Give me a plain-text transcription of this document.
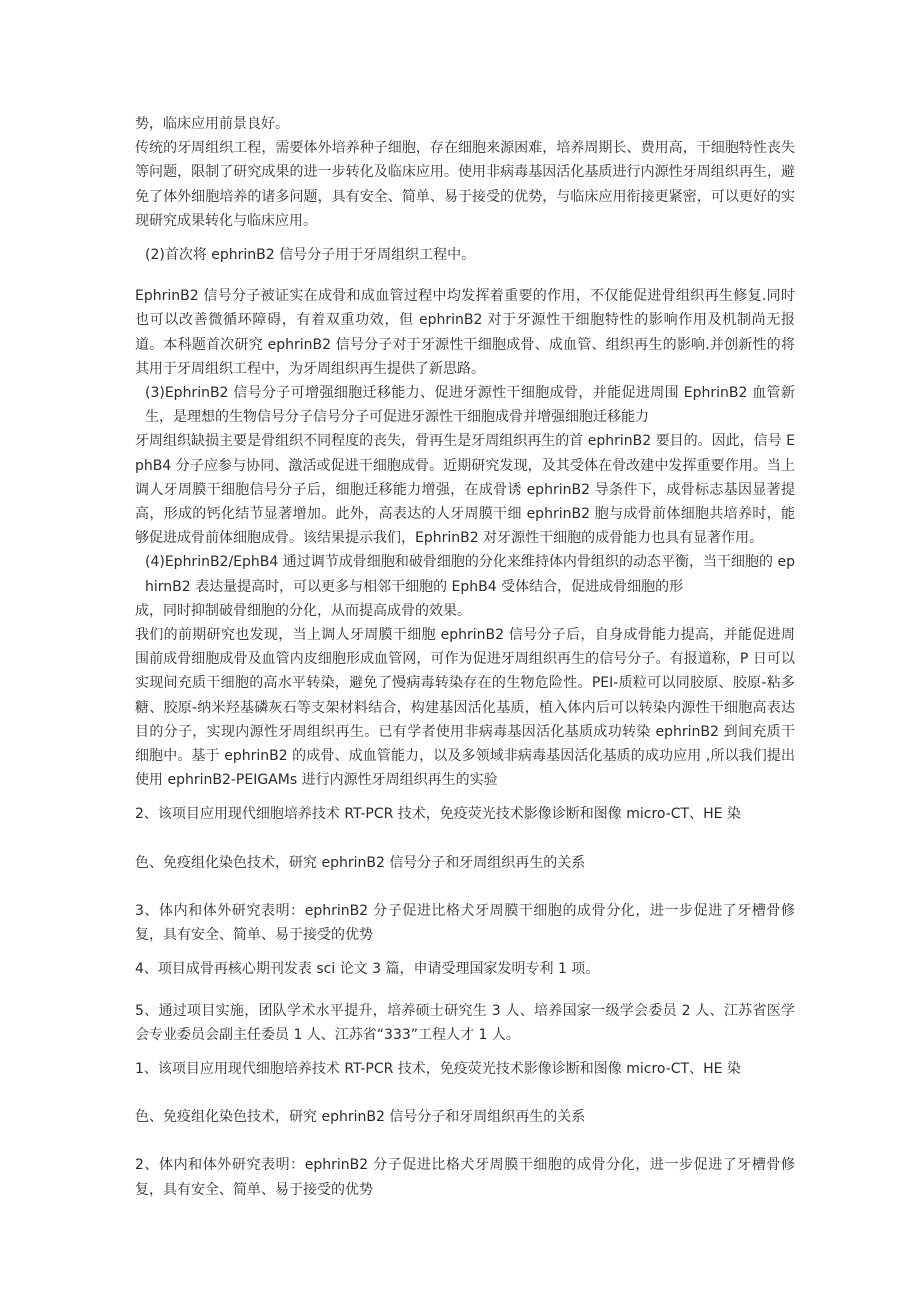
势，临床应用前景良好。

传统的牙周组织工程，需要体外培养种子细胞，存在细胞来源困难，培养周期长、费用高，干细胞特性丧失等问题，限制了研究成果的进一步转化及临床应用。使用非病毒基因活化基质进行内源性牙周组织再生，避免了体外细胞培养的诸多问题，具有安全、简单、易于接受的优势，与临床应用衔接更紧密，可以更好的实现研究成果转化与临床应用。

(2)首次将 ephrinB2 信号分子用于牙周组织工程中。

EphrinB2 信号分子被证实在成骨和成血管过程中均发挥着重要的作用，不仅能促进骨组织再生修复.同时也可以改善微循环障碍，有着双重功效，但 ephrinB2 对于牙源性干细胞特性的影响作用及机制尚无报道。本科题首次研究 ephrinB2 信号分子对于牙源性干细胞成骨、成血管、组织再生的影响.并创新性的将其用于牙周组织工程中，为牙周组织再生提供了新思路。

(3)EphrinB2 信号分子可增强细胞迁移能力、促进牙源性干细胞成骨，并能促进周围 EphrinB2 血管新生，是理想的生物信号分子信号分子可促进牙源性干细胞成骨并增强细胞迁移能力

牙周组织缺损主要是骨组织不同程度的丧失，骨再生是牙周组织再生的首 ephrinB2 要目的。因此，信号 EphB4 分子应参与协同、激活或促进干细胞成骨。近期研究发现，及其受体在骨改建中发挥重要作用。当上调人牙周膜干细胞信号分子后，细胞迁移能力增强，在成骨诱 ephrinB2 导条件下，成骨标志基因显著提高，形成的钙化结节显著增加。此外，高表达的人牙周膜干细 ephrinB2 胞与成骨前体细胞共培养时，能够促进成骨前体细胞成骨。该结果提示我们，EphrinB2 对牙源性干细胞的成骨能力也具有显著作用。

(4)EphrinB2/EphB4 通过调节成骨细胞和破骨细胞的分化来维持体内骨组织的动态平衡，当干细胞的 ephirnB2 表达量提高时，可以更多与相邻干细胞的 EphB4 受体结合，促进成骨细胞的形

成，同时抑制破骨细胞的分化，从而提高成骨的效果。

我们的前期研究也发现，当上调人牙周膜干细胞 ephrinB2 信号分子后，自身成骨能力提高，并能促进周围前成骨细胞成骨及血管内皮细胞形成血管网，可作为促进牙周组织再生的信号分子。有报道称，P 日可以实现间充质干细胞的高水平转染，避免了慢病毒转染存在的生物危险性。PEI-质粒可以同胶原、胶原-粘多糖、胶原-纳米羟基磷灰石等支架材料结合，构建基因活化基质，植入体内后可以转染内源性干细胞高表达目的分子，实现内源性牙周组织再生。已有学者使用非病毒基因活化基质成功转染 ephrinB2 到间充质干细胞中。基于 ephrinB2 的成骨、成血管能力，以及多领域非病毒基因活化基质的成功应用 ,所以我们提出使用 ephrinB2-PEIGAMs 进行内源性牙周组织再生的实验

2、该项目应用现代细胞培养技术 RT-PCR 技术，免疫荧光技术影像诊断和图像 micro-CT、HE 染

色、免疫组化染色技术，研究 ephrinB2 信号分子和牙周组织再生的关系

3、体内和体外研究表明：ephrinB2 分子促进比格犬牙周膜干细胞的成骨分化，进一步促进了牙槽骨修复，具有安全、简单、易于接受的优势

4、项目成骨再核心期刊发表 sci 论文 3 篇，申请受理国家发明专利 1 项。

5、通过项目实施，团队学术水平提升，培养硕士研究生 3 人、培养国家一级学会委员 2 人、江苏省医学会专业委员会副主任委员 1 人、江苏省“333”工程人才 1 人。

1、该项目应用现代细胞培养技术 RT-PCR 技术，免疫荧光技术影像诊断和图像 micro-CT、HE 染

色、免疫组化染色技术，研究 ephrinB2 信号分子和牙周组织再生的关系

2、体内和体外研究表明：ephrinB2 分子促进比格犬牙周膜干细胞的成骨分化，进一步促进了牙槽骨修复，具有安全、简单、易于接受的优势
